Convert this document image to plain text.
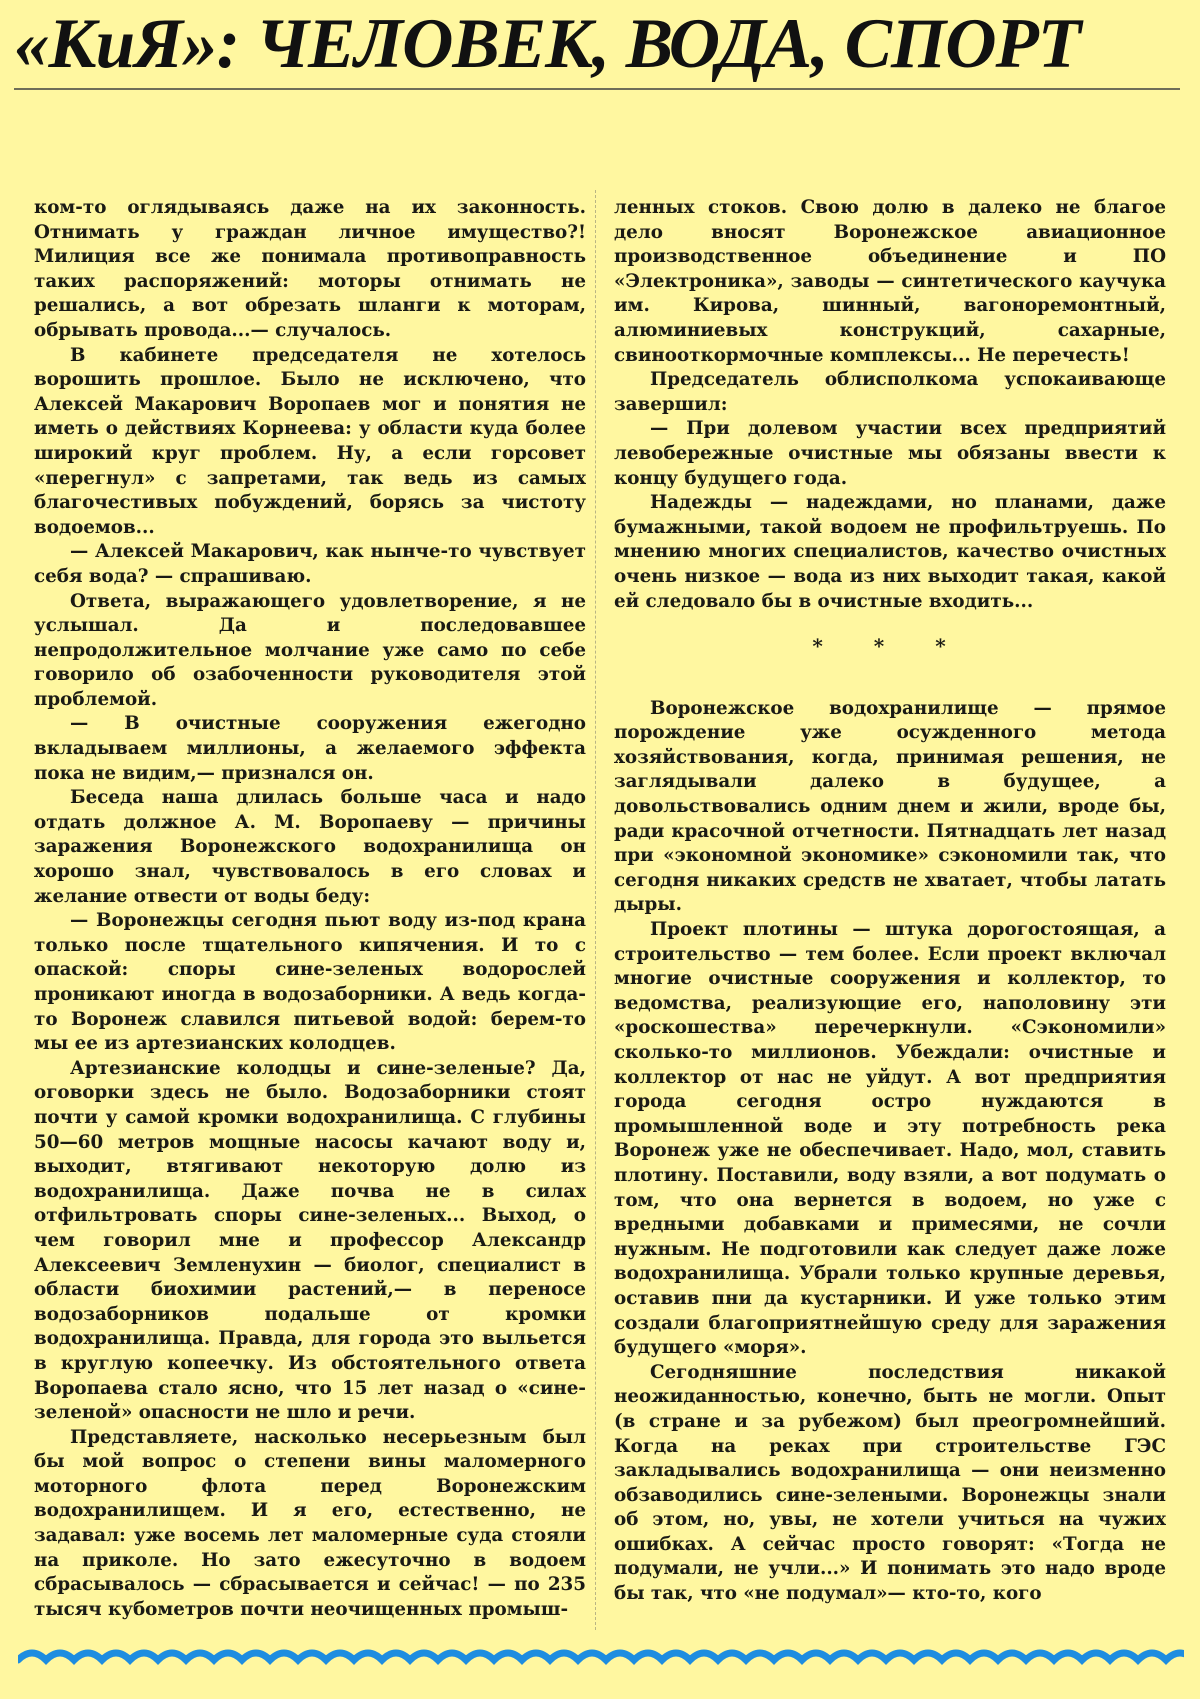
«КиЯ»: ЧЕЛОВЕК, ВОДА, СПОРТ

ком-то оглядываясь даже на их законность. Отнимать у граждан личное имущество?! Милиция все же понимала противоправность таких распоряжений: моторы отнимать не решались, а вот обрезать шланги к моторам, обрывать провода...— случалось.

В кабинете председателя не хотелось ворошить прошлое. Было не исключено, что Алексей Макарович Воропаев мог и понятия не иметь о действиях Корнеева: у области куда более широкий круг проблем. Ну, а если горсовет «перегнул» с запретами, так ведь из самых благочестивых побуждений, борясь за чистоту водоемов...

— Алексей Макарович, как нынче-то чувствует себя вода? — спрашиваю.

Ответа, выражающего удовлетворение, я не услышал. Да и последовавшее непродолжительное молчание уже само по себе говорило об озабоченности руководителя этой проблемой.

— В очистные сооружения ежегодно вкладываем миллионы, а желаемого эффекта пока не видим,— признался он.

Беседа наша длилась больше часа и надо отдать должное А. М. Воропаеву — причины заражения Воронежского водохранилища он хорошо знал, чувствовалось в его словах и желание отвести от воды беду:

— Воронежцы сегодня пьют воду из-под крана только после тщательного кипячения. И то с опаской: споры сине-зеленых водорослей проникают иногда в водозаборники. А ведь когда-то Воронеж славился питьевой водой: берем-то мы ее из артезианских колодцев.

Артезианские колодцы и сине-зеленые? Да, оговорки здесь не было. Водозаборники стоят почти у самой кромки водохранилища. С глубины 50—60 метров мощные насосы качают воду и, выходит, втягивают некоторую долю из водохранилища. Даже почва не в силах отфильтровать споры сине-зеленых... Выход, о чем говорил мне и профессор Александр Алексеевич Земленухин — биолог, специалист в области биохимии растений,— в переносе водозаборников подальше от кромки водохранилища. Правда, для города это выльется в круглую копеечку. Из обстоятельного ответа Воропаева стало ясно, что 15 лет назад о «сине-зеленой» опасности не шло и речи.

Представляете, насколько несерьезным был бы мой вопрос о степени вины маломерного моторного флота перед Воронежским водохранилищем. И я его, естественно, не задавал: уже восемь лет маломерные суда стояли на приколе. Но зато ежесуточно в водоем сбрасывалось — сбрасывается и сейчас! — по 235 тысяч кубометров почти неочищенных промыш-

ленных стоков. Свою долю в далеко не благое дело вносят Воронежское авиационное производственное объединение и ПО «Электроника», заводы — синтетического каучука им. Кирова, шинный, вагоноремонтный, алюминиевых конструкций, сахарные, свинооткормочные комплексы... Не перечесть!

Председатель облисполкома успокаивающе завершил:

— При долевом участии всех предприятий левобережные очистные мы обязаны ввести к концу будущего года.

Надежды — надеждами, но планами, даже бумажными, такой водоем не профильтруешь. По мнению многих специалистов, качество очистных очень низкое — вода из них выходит такая, какой ей следовало бы в очистные входить...

* * *

Воронежское водохранилище — прямое порождение уже осужденного метода хозяйствования, когда, принимая решения, не заглядывали далеко в будущее, а довольствовались одним днем и жили, вроде бы, ради красочной отчетности. Пятнадцать лет назад при «экономной экономике» сэкономили так, что сегодня никаких средств не хватает, чтобы латать дыры.

Проект плотины — штука дорогостоящая, а строительство — тем более. Если проект включал многие очистные сооружения и коллектор, то ведомства, реализующие его, наполовину эти «роскошества» перечеркнули. «Сэкономили» сколько-то миллионов. Убеждали: очистные и коллектор от нас не уйдут. А вот предприятия города сегодня остро нуждаются в промышленной воде и эту потребность река Воронеж уже не обеспечивает. Надо, мол, ставить плотину. Поставили, воду взяли, а вот подумать о том, что она вернется в водоем, но уже с вредными добавками и примесями, не сочли нужным. Не подготовили как следует даже ложе водохранилища. Убрали только крупные деревья, оставив пни да кустарники. И уже только этим создали благоприятнейшую среду для заражения будущего «моря».

Сегодняшние последствия никакой неожиданностью, конечно, быть не могли. Опыт (в стране и за рубежом) был преогромнейший. Когда на реках при строительстве ГЭС закладывались водохранилища — они неизменно обзаводились сине-зелеными. Воронежцы знали об этом, но, увы, не хотели учиться на чужих ошибках. А сейчас просто говорят: «Тогда не подумали, не учли...» И понимать это надо вроде бы так, что «не подумал»— кто-то, кого
